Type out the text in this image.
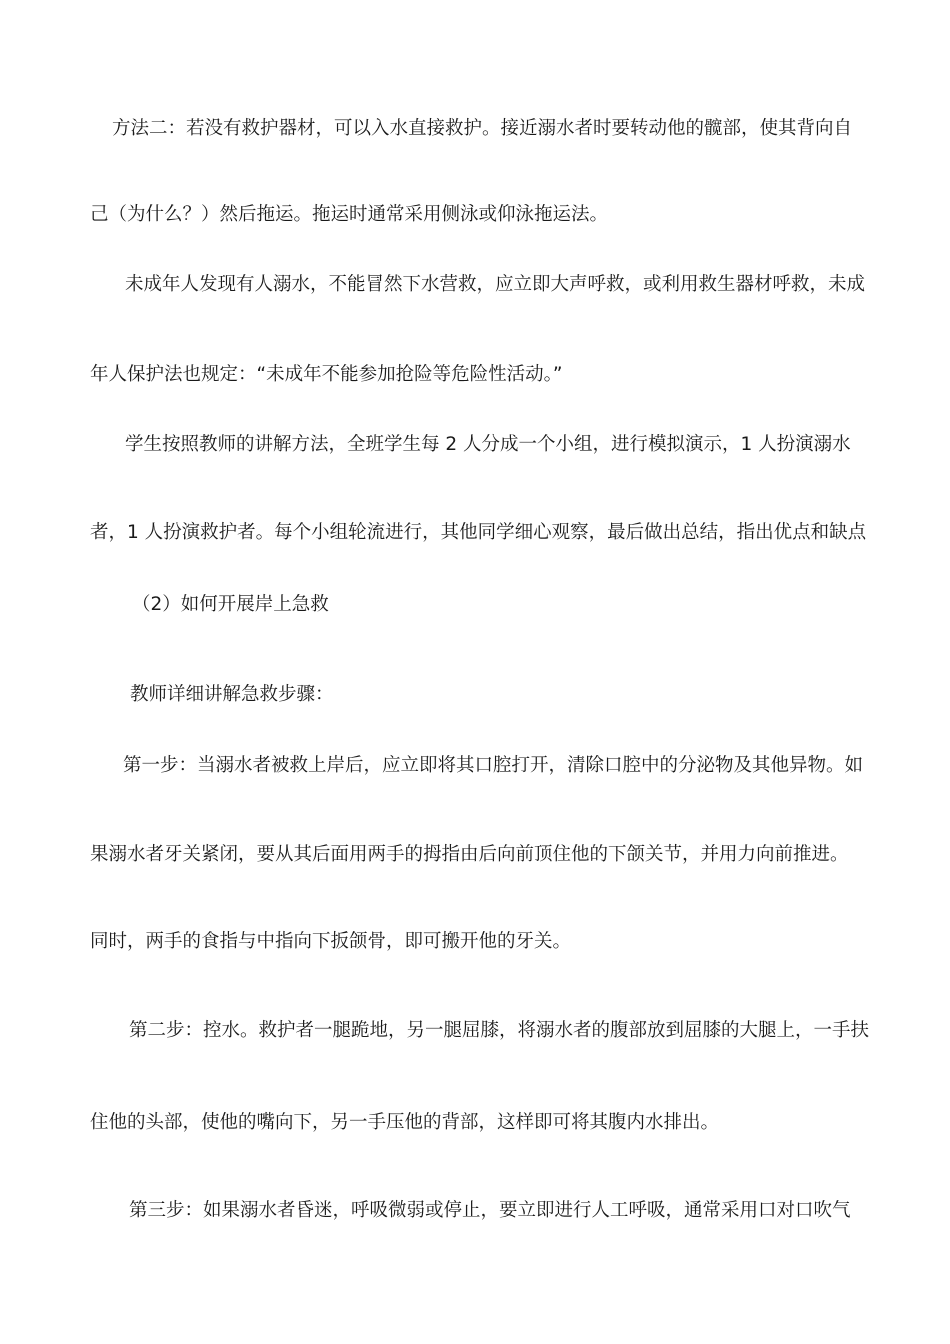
方法二：若没有救护器材，可以入水直接救护。接近溺水者时要转动他的髋部，使其背向自
己（为什么？）然后拖运。拖运时通常采用侧泳或仰泳拖运法。
未成年人发现有人溺水，不能冒然下水营救，应立即大声呼救，或利用救生器材呼救，未成
年人保护法也规定：“未成年不能参加抢险等危险性活动。”
学生按照教师的讲解方法，全班学生每 2 人分成一个小组，进行模拟演示，1 人扮演溺水
者，1 人扮演救护者。每个小组轮流进行，其他同学细心观察，最后做出总结，指出优点和缺点
（2）如何开展岸上急救
教师详细讲解急救步骤：
第一步：当溺水者被救上岸后，应立即将其口腔打开，清除口腔中的分泌物及其他异物。如
果溺水者牙关紧闭，要从其后面用两手的拇指由后向前顶住他的下颌关节，并用力向前推进。
同时，两手的食指与中指向下扳颌骨，即可搬开他的牙关。
第二步：控水。救护者一腿跪地，另一腿屈膝，将溺水者的腹部放到屈膝的大腿上，一手扶
住他的头部，使他的嘴向下，另一手压他的背部，这样即可将其腹内水排出。
第三步：如果溺水者昏迷，呼吸微弱或停止，要立即进行人工呼吸，通常采用口对口吹气
